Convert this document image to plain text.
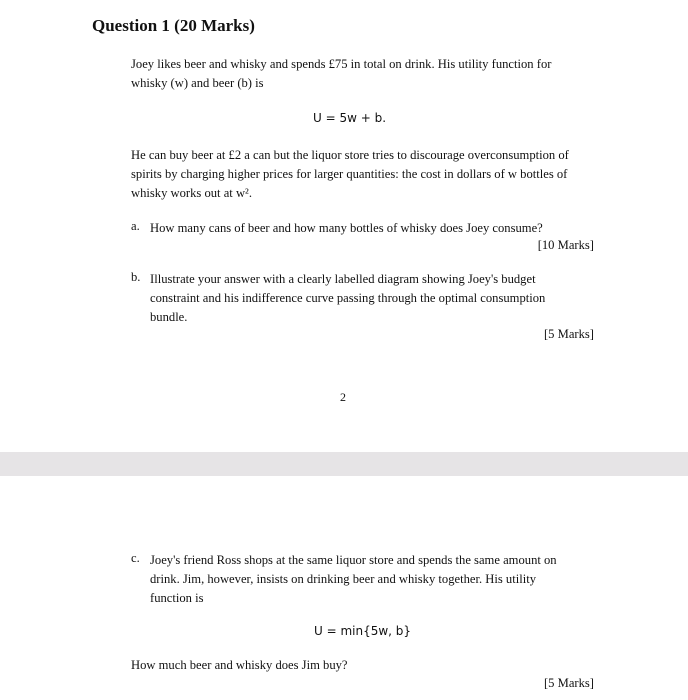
Question 1 (20 Marks)
Joey likes beer and whisky and spends £75 in total on drink. His utility function for
whisky (w) and beer (b) is
U = 5w + b.
He can buy beer at £2 a can but the liquor store tries to discourage overconsumption of
spirits by charging higher prices for larger quantities: the cost in dollars of w bottles of
whisky works out at w².
a. How many cans of beer and how many bottles of whisky does Joey consume?
[10 Marks]
b. Illustrate your answer with a clearly labelled diagram showing Joey's budget
constraint and his indifference curve passing through the optimal consumption
bundle.
[5 Marks]
2
c. Joey's friend Ross shops at the same liquor store and spends the same amount on
drink. Jim, however, insists on drinking beer and whisky together. His utility
function is
U = min{5w, b}
How much beer and whisky does Jim buy?
[5 Marks]
